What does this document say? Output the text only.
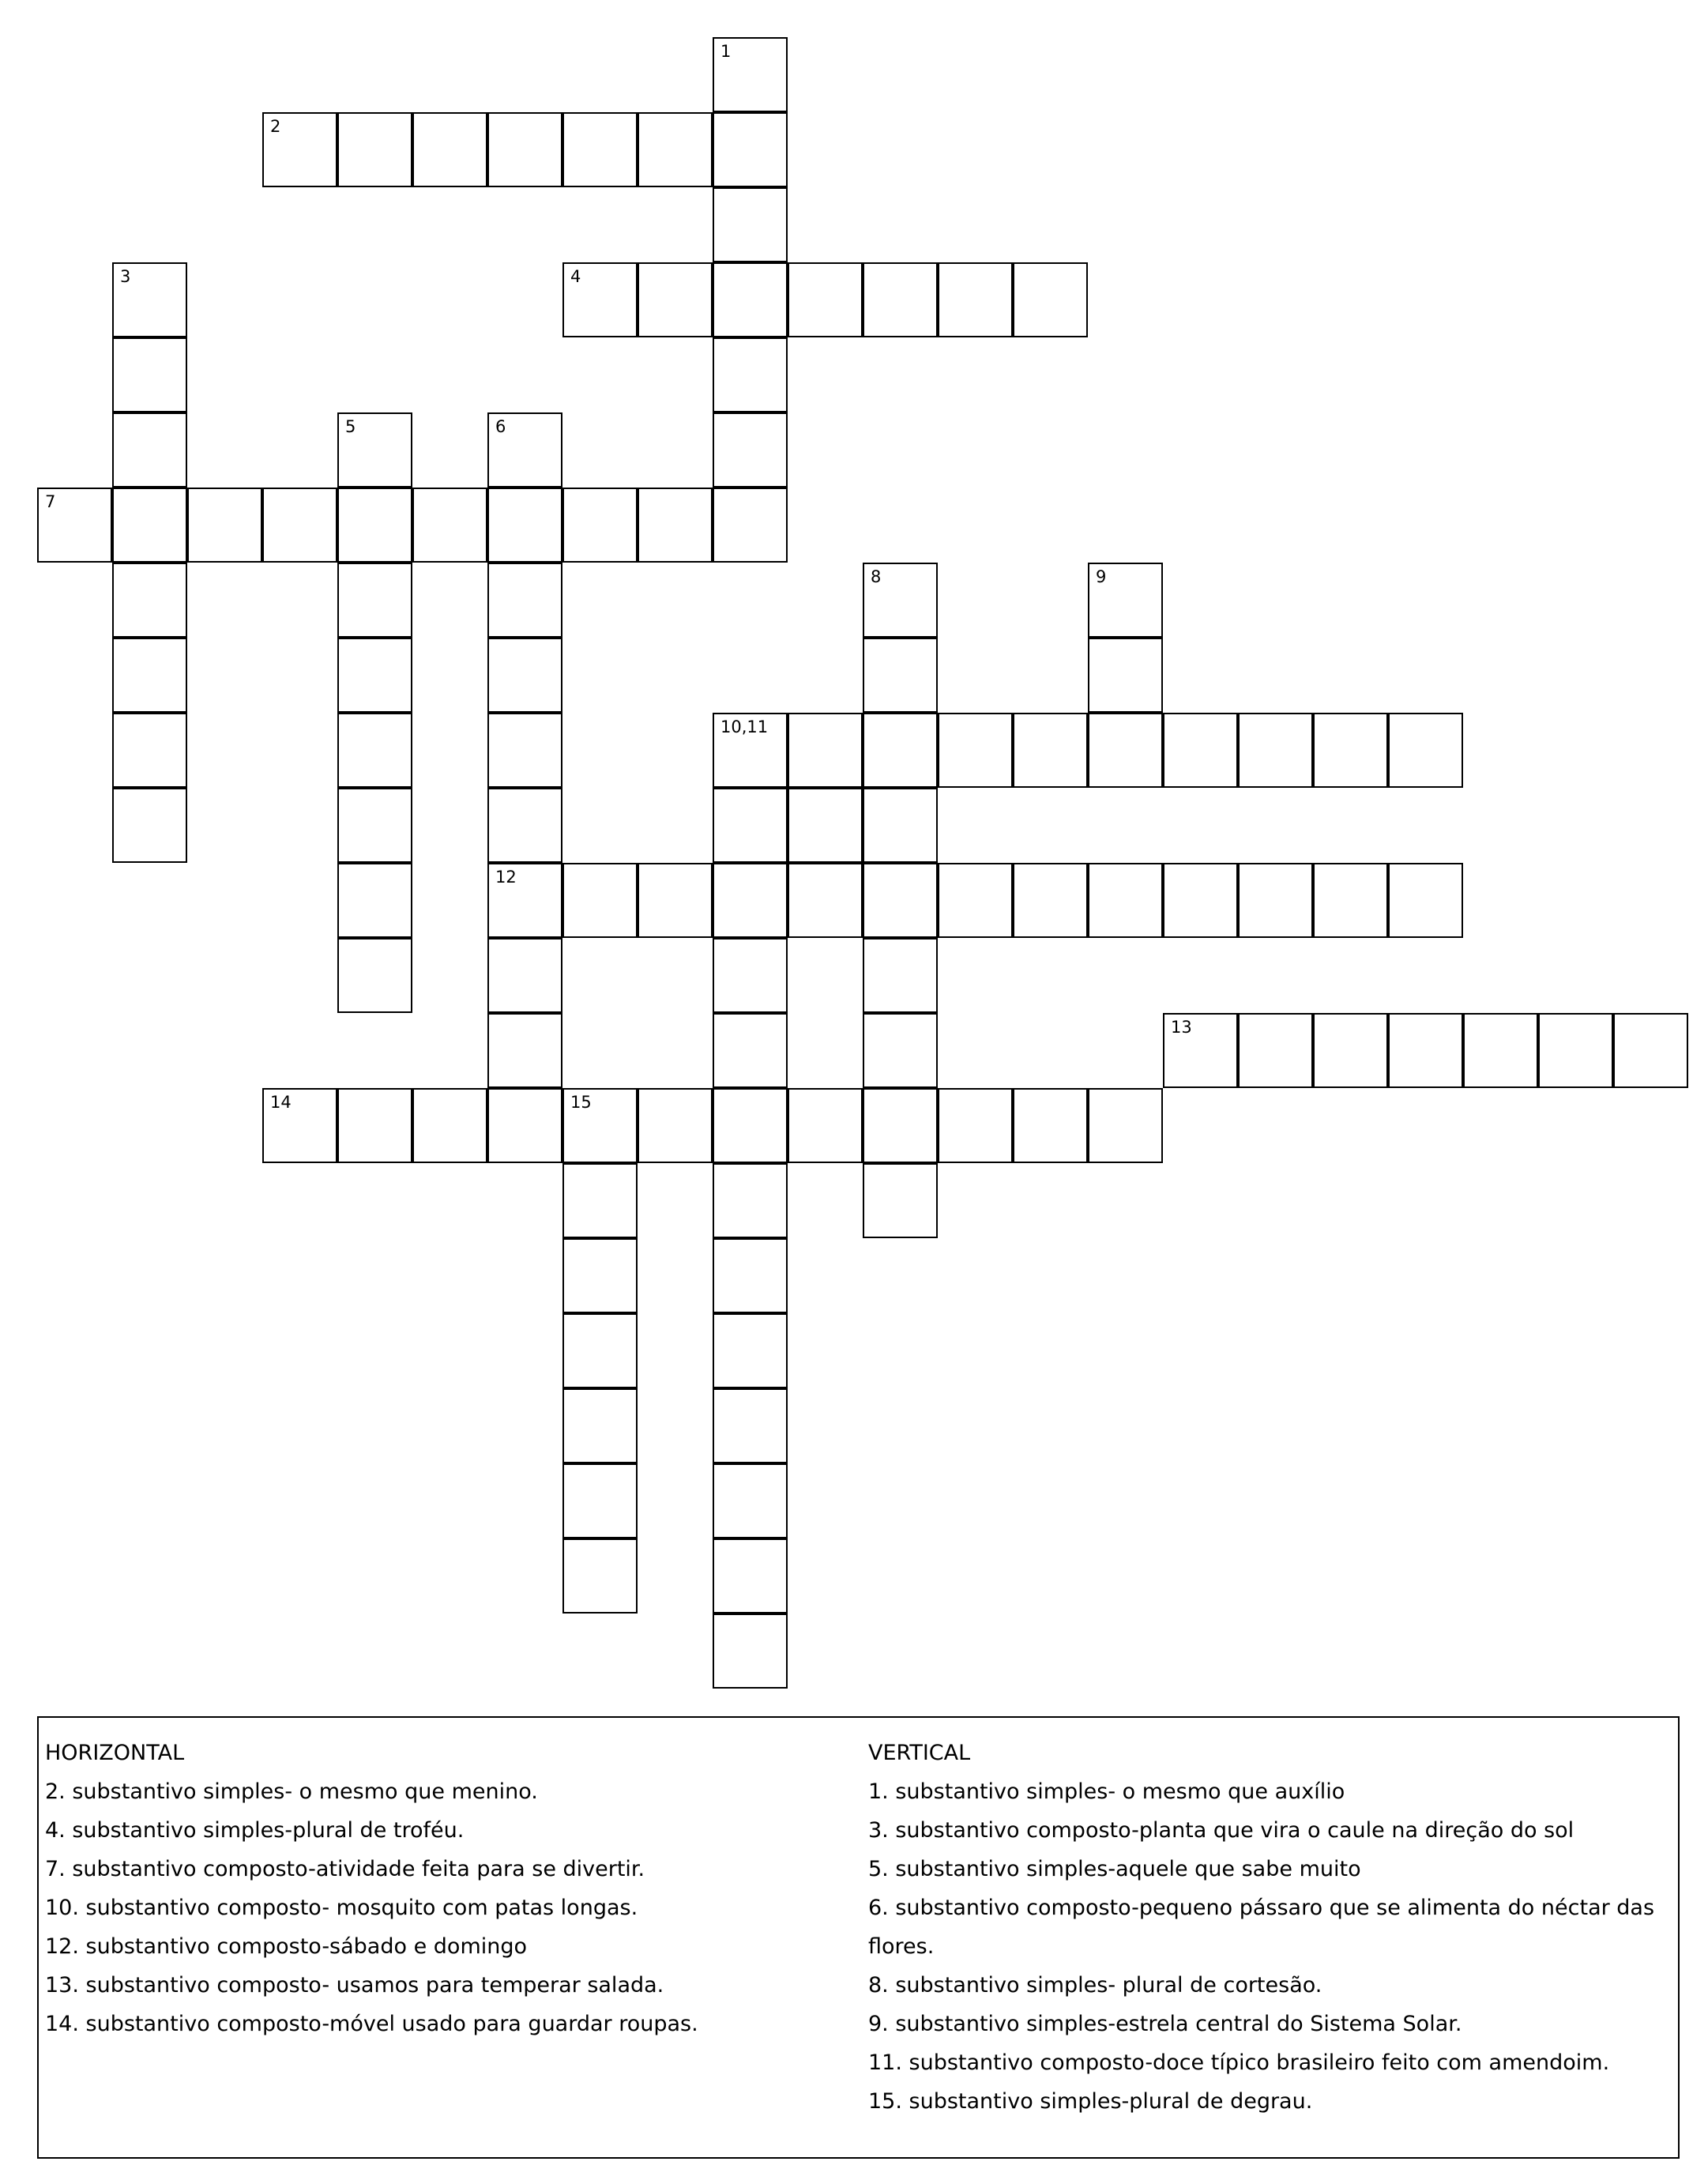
1
2
3	4
5	6
7
8	9
10,11
12
13
14	15

HORIZONTAL

2. substantivo simples- o mesmo que menino.

4. substantivo simples-plural de troféu.

7. substantivo composto-atividade feita para se divertir.

10. substantivo composto- mosquito com patas longas.

12. substantivo composto-sábado e domingo

13. substantivo composto- usamos para temperar salada.

14. substantivo composto-móvel usado para guardar roupas.

VERTICAL

1. substantivo simples- o mesmo que auxílio

3. substantivo composto-planta que vira o caule na direção do sol

5. substantivo simples-aquele que sabe muito

6. substantivo composto-pequeno pássaro que se alimenta do néctar das

flores.

8. substantivo simples- plural de cortesão.

9. substantivo simples-estrela central do Sistema Solar.

11. substantivo composto-doce típico brasileiro feito com amendoim.

15. substantivo simples-plural de degrau.
